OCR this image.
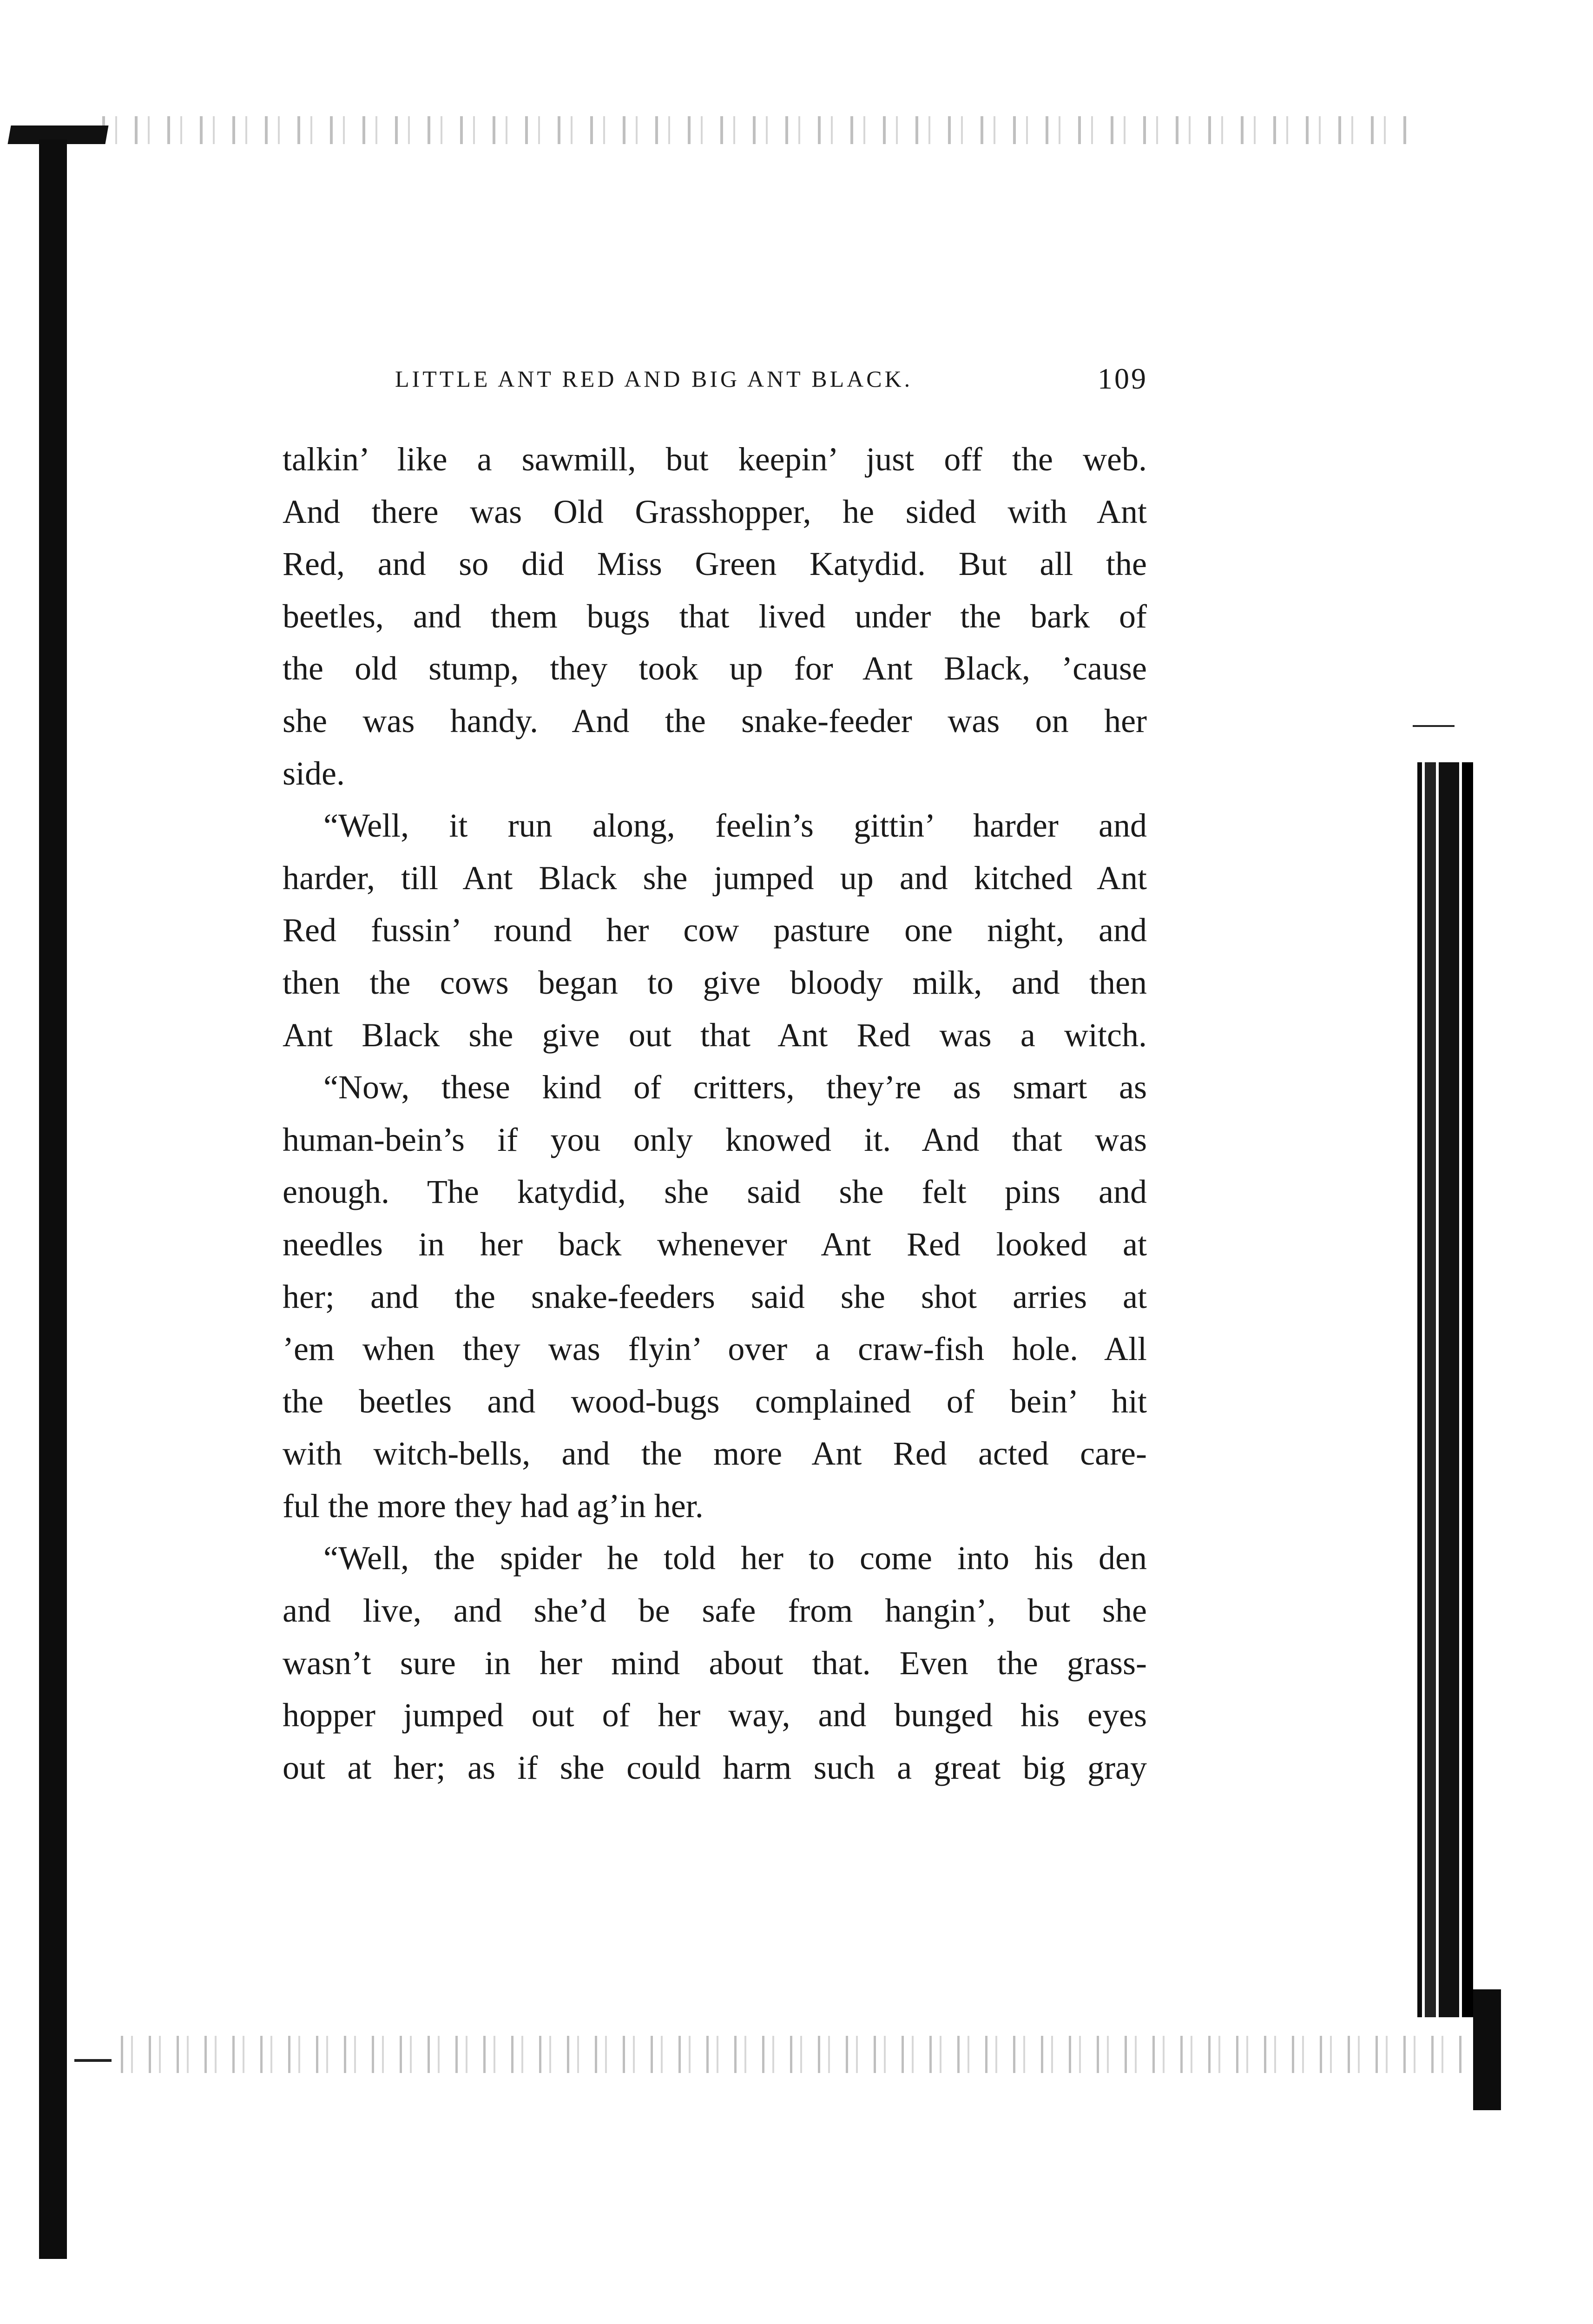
LITTLE ANT RED AND BIG ANT BLACK.	109
talkin’ like a sawmill, but keepin’ just off the web.
And there was Old Grasshopper, he sided with Ant
Red, and so did Miss Green Katydid. But all the
beetles, and them bugs that lived under the bark of
the old stump, they took up for Ant Black, ’cause
she was handy. And the snake-feeder was on her
side.
“Well, it run along, feelin’s gittin’ harder and
harder, till Ant Black she jumped up and kitched Ant
Red fussin’ round her cow pasture one night, and
then the cows began to give bloody milk, and then
Ant Black she give out that Ant Red was a witch.
“Now, these kind of critters, they’re as smart as
human-bein’s if you only knowed it. And that was
enough. The katydid, she said she felt pins and
needles in her back whenever Ant Red looked at
her; and the snake-feeders said she shot arries at
’em when they was flyin’ over a craw-fish hole. All
the beetles and wood-bugs complained of bein’ hit
with witch-bells, and the more Ant Red acted care-
ful the more they had ag’in her.
“Well, the spider he told her to come into his den
and live, and she’d be safe from hangin’, but she
wasn’t sure in her mind about that. Even the grass-
hopper jumped out of her way, and bunged his eyes
out at her; as if she could harm such a great big gray
